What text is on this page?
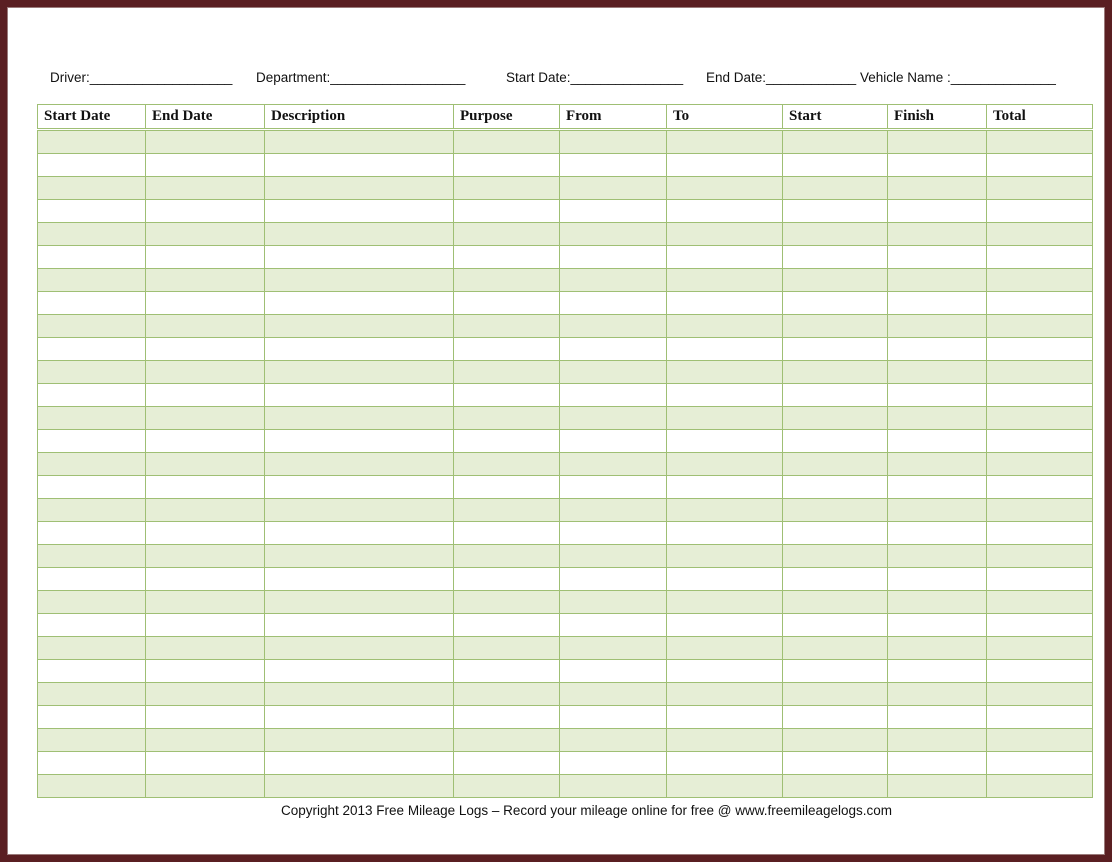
Driver:___________________ Department:__________________	Start Date:_______________ End Date:____________ Vehicle Name :______________
Start Date	End Date	Description	Purpose	From	To	Start	Finish	Total

Copyright 2013 Free Mileage Logs – Record your mileage online for free @ www.freemileagelogs.com
